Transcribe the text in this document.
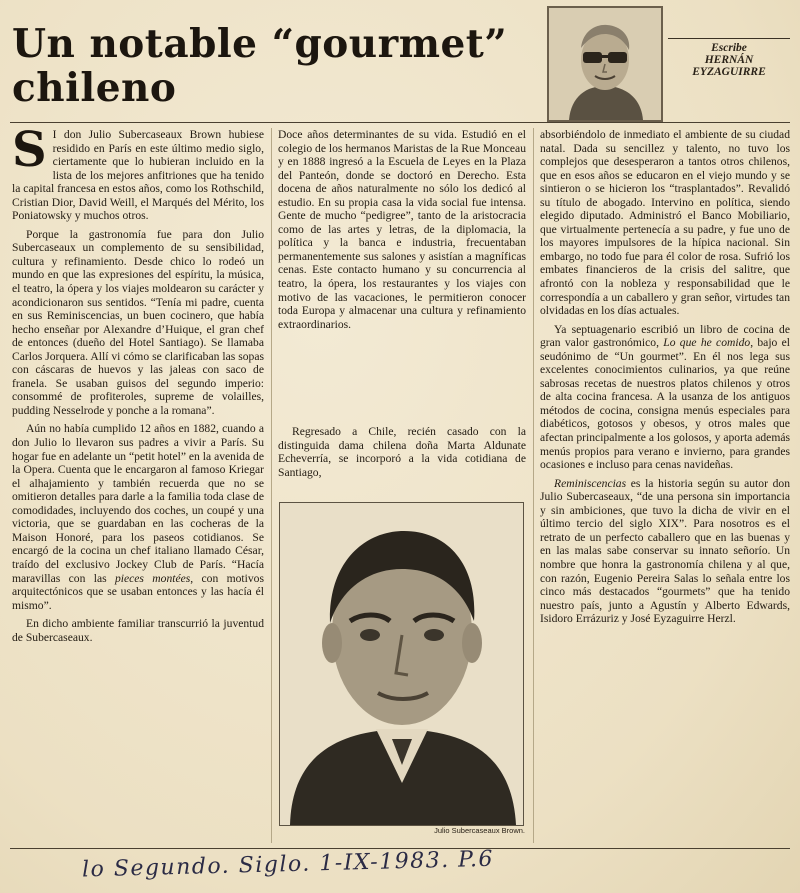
Un notable “gourmet”
chileno
Escribe
HERNÁN
EYZAGUIRRE

S I don Julio Subercaseaux Brown hubiese residido en París en este último medio siglo, ciertamente que lo hubieran incluido en la lista de los mejores anfitriones que ha tenido la capital francesa en estos años, como los Rothschild, Cristian Dior, David Weill, el Marqués del Mérito, los Poniatowsky y muchos otros.

Porque la gastronomía fue para don Julio Subercaseaux un complemento de su sensibilidad, cultura y refinamiento. Desde chico lo rodeó un mundo en que las expresiones del espíritu, la música, el teatro, la ópera y los viajes moldearon su carácter y acondicionaron sus sentidos. “Tenía mi padre, cuenta en sus Reminiscencias, un buen cocinero, que había hecho enseñar por Alexandre d’Huique, el gran chef de entonces (dueño del Hotel Santiago). Se llamaba Carlos Jorquera. Allí vi cómo se clarificaban las sopas con cáscaras de huevos y las jaleas con saco de franela. Se usaban guisos del segundo imperio: consommé de profiteroles, supreme de volailles, pudding Nesselrode y ponche a la romana”.

Aún no había cumplido 12 años en 1882, cuando a don Julio lo llevaron sus padres a vivir a París. Su hogar fue en adelante un “petit hotel” en la avenida de la Opera. Cuenta que le encargaron al famoso Kriegar el alhajamiento y también recuerda que no se omitieron detalles para darle a la familia toda clase de comodidades, incluyendo dos coches, un coupé y una victoria, que se guardaban en las cocheras de la Maison Honoré, para los paseos cotidianos. Se encargó de la cocina un chef italiano llamado César, traído del exclusivo Jockey Club de París. “Hacía maravillas con las pieces montées, con motivos arquitectónicos que se usaban entonces y las hacía él mismo”.

En dicho ambiente familiar transcurrió la juventud de Subercaseaux.

Doce años determinantes de su vida. Estudió en el colegio de los hermanos Maristas de la Rue Monceau y en 1888 ingresó a la Escuela de Leyes en la Plaza del Panteón, donde se doctoró en Derecho. Esta docena de años naturalmente no sólo los dedicó al estudio. En su propia casa la vida social fue intensa. Gente de mucho “pedigree”, tanto de la aristocracia como de las artes y letras, de la diplomacia, la política y la banca e industria, frecuentaban permanentemente sus salones y asistían a magníficas cenas. Este contacto humano y su concurrencia al teatro, la ópera, los restaurantes y los viajes con motivo de las vacaciones, le permitieron conocer toda Europa y almacenar una cultura y refinamiento extraordinarios.

Regresado a Chile, recién casado con la distinguida dama chilena doña Marta Aldunate Echeverría, se incorporó a la vida cotidiana de Santiago,

Julio Subercaseaux Brown.

absorbiéndolo de inmediato el ambiente de su ciudad natal. Dada su sencillez y talento, no tuvo los complejos que desesperaron a tantos otros chilenos, que en esos años se educaron en el viejo mundo y se sintieron o se hicieron los “trasplantados”. Revalidó su título de abogado. Intervino en política, siendo elegido diputado. Administró el Banco Mobiliario, que virtualmente pertenecía a su padre, y fue uno de los mayores impulsores de la hípica nacional. Sin embargo, no todo fue para él color de rosa. Sufrió los embates financieros de la crisis del salitre, que afrontó con la nobleza y responsabilidad que le correspondía a un caballero y gran señor, virtudes tan olvidadas en los días actuales.

Ya septuagenario escribió un libro de cocina de gran valor gastronómico, Lo que he comido, bajo el seudónimo de “Un gourmet”. En él nos lega sus excelentes conocimientos culinarios, ya que reúne sabrosas recetas de nuestros platos chilenos y otros de alta cocina francesa. A la usanza de los antiguos métodos de cocina, consigna menús especiales para diabéticos, gotosos y obesos, y otros males que afectan principalmente a los golosos, y aporta además menús propios para verano e invierno, para grandes ocasiones e incluso para cenas navideñas.

Reminiscencias es la historia según su autor don Julio Subercaseaux, “de una persona sin importancia y sin ambiciones, que tuvo la dicha de vivir en el último tercio del siglo XIX”. Para nosotros es el retrato de un perfecto caballero que en las buenas y en las malas sabe conservar su innato señorío. Un nombre que honra la gastronomía chilena y al que, con razón, Eugenio Pereira Salas lo señala entre los cinco más destacados “gourmets” que ha tenido nuestro país, junto a Agustín y Alberto Edwards, Isidoro Errázuriz y José Eyzaguirre Herzl.

lo Segundo. Siglo. 1-IX-1983. P.6
